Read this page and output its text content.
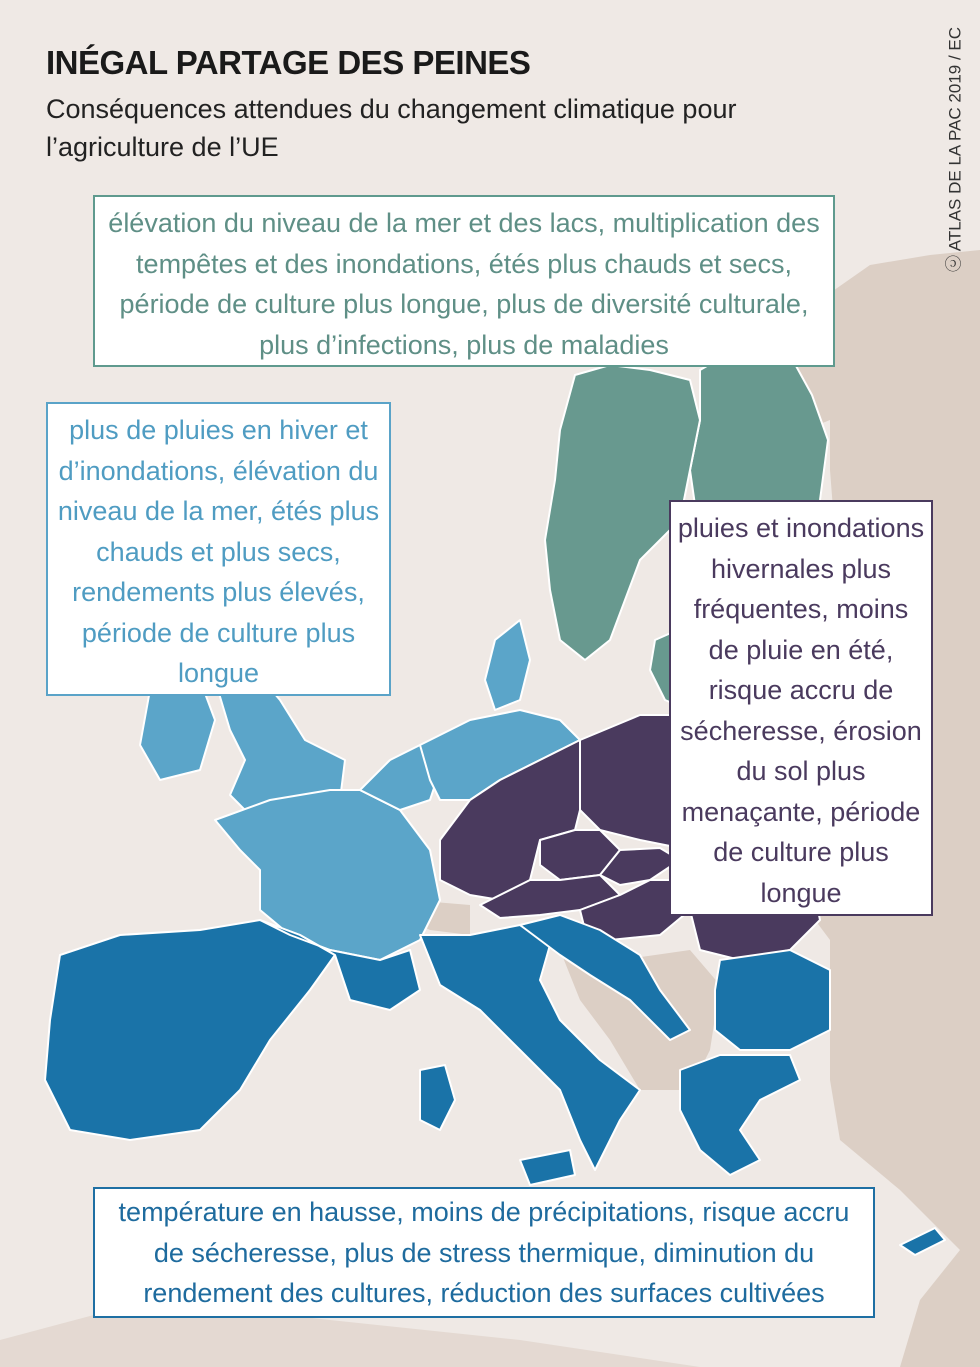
INÉGAL PARTAGE DES PEINES

Conséquences attendues du changement climatique pour l’agriculture de l’UE	ⓒ ATLAS DE LA PAC 2019 / EC
élévation du niveau de la mer et des lacs, multiplication des tempêtes et des inondations, étés plus chauds et secs, période de culture plus longue, plus de diversité culturale, plus d’infections, plus de maladies
plus de pluies en hiver et d’inondations, élévation du niveau de la mer, étés plus chauds et plus secs, rendements plus élevés, période de culture plus longue
pluies et inondations hivernales plus fréquentes, moins de pluie en été, risque accru de sécheresse, érosion du sol plus menaçante, période de culture plus longue
température en hausse, moins de précipitations, risque accru de sécheresse, plus de stress thermique, diminution du rendement des cultures, réduction des surfaces cultivées
